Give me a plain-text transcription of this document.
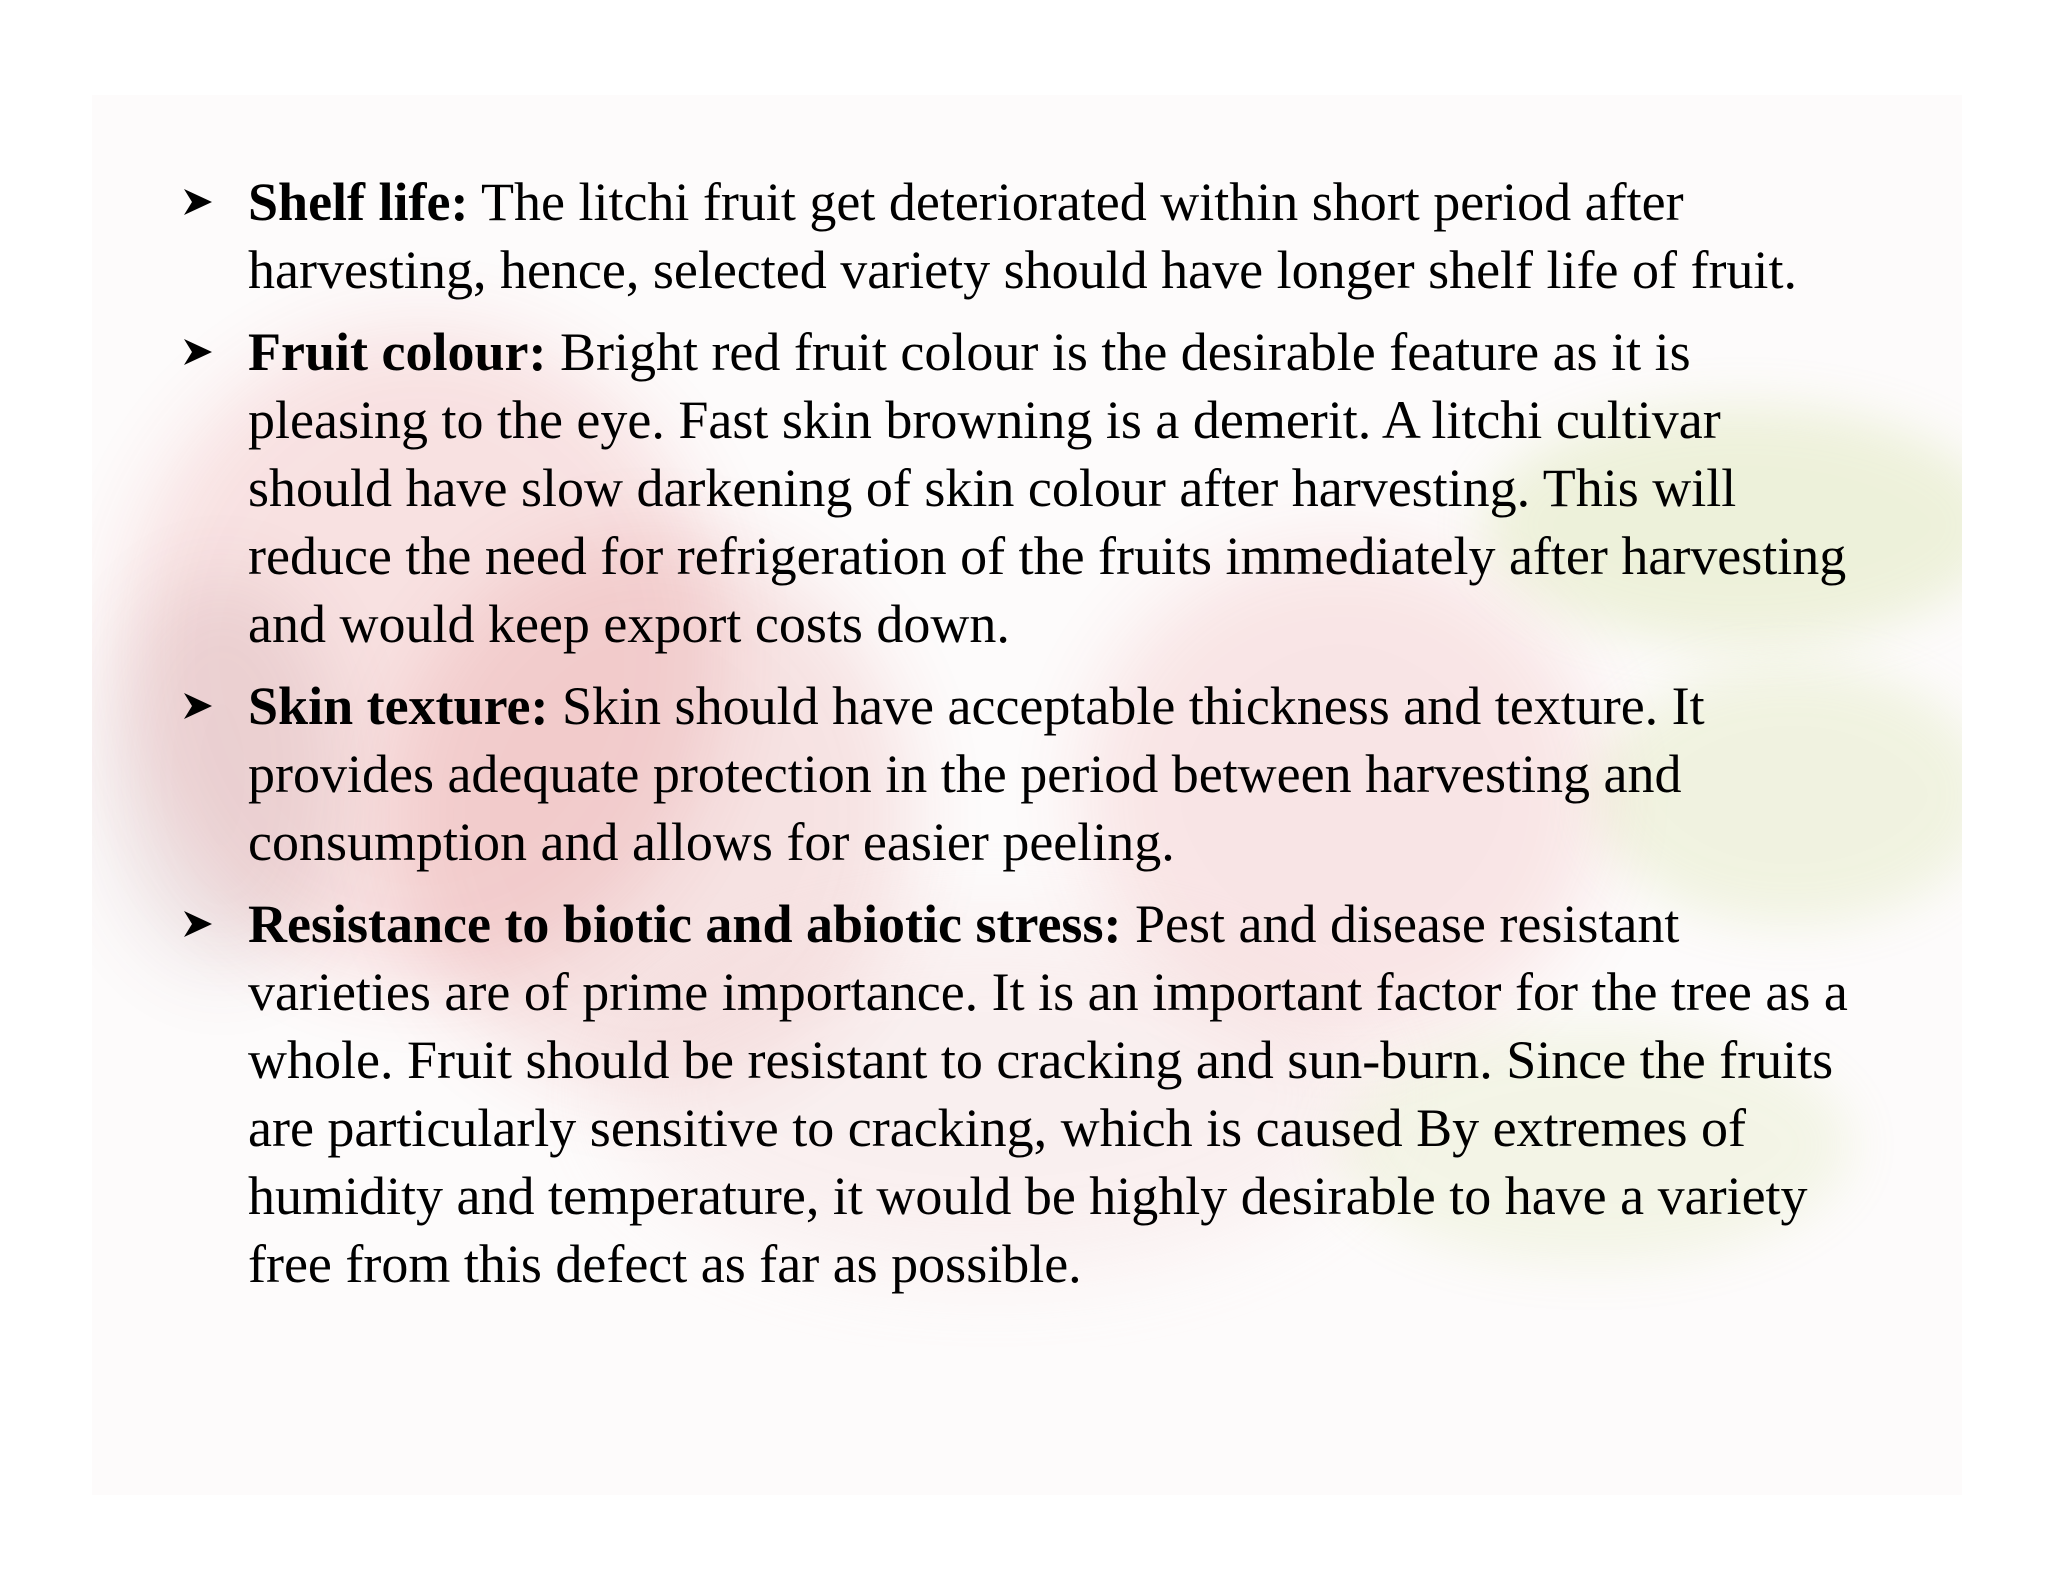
Shelf life: The litchi fruit get deteriorated within short period after harvesting, hence, selected variety should have longer shelf life of fruit.
Fruit colour: Bright red fruit colour is the desirable feature as it is pleasing to the eye. Fast skin browning is a demerit. A litchi cultivar should have slow darkening of skin colour after harvesting. This will reduce the need for refrigeration of the fruits immediately after harvesting and would keep export costs down.
Skin texture: Skin should have acceptable thickness and texture. It provides adequate protection in the period between harvesting and consumption and allows for easier peeling.
Resistance to biotic and abiotic stress: Pest and disease resistant varieties are of prime importance. It is an important factor for the tree as a whole. Fruit should be resistant to cracking and sun-burn. Since the fruits are particularly sensitive to cracking, which is caused By extremes of humidity and temperature, it would be highly desirable to have a variety free from this defect as far as possible.
